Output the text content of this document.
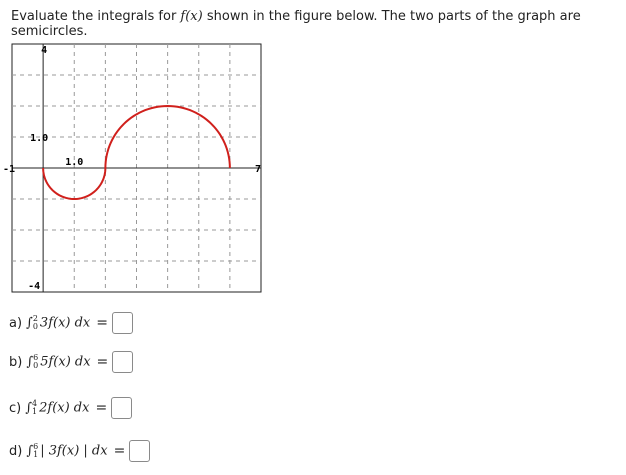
Evaluate the integrals for f(x) shown in the figure below. The two parts of the graph are semicircles.
4
-4
-1	7
1.0
1.0
a) ∫ 2
0 3f(x) dx =
b) ∫ 6
0 5f(x) dx =
c) ∫ 4
1 2f(x) dx =
d) ∫ 6
1 | 3f(x) | dx =
